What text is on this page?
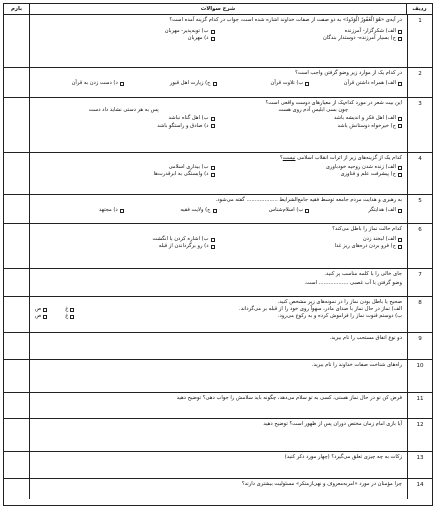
ردیف
شرح سوالات
بارم
1
در آیه‌ی «هُوَ الْغَفُورُ الْوَدُودُ» به دو صفت از صفات خداوند اشاره شده است، جواب در کدام گزینه آمده است؟
الف) شکرگزار- آمرزنده
ب) توبه‌پذیر- مهربان
ج) بسیار آمرزنده- دوستدار بندگان
د) مهربان
2
در کدام یک از موارد زیر وضو گرفتن واجب است؟
الف) همراه داشتن قرآن
ب) تلاوت قرآن
ج) زیارت اهل قبور
د) دست زدن به قرآن
3
این بیت شعر در مورد کدام‌یک از معیارهای دوست واقعی است؟
چون بسی ابلیس آدم روی هست
پس به هر دستی نشاید داد دست
الف) اهل فکر و اندیشه باشد
ب) اهل گناه نباشد
ج) خیرخواه دوستانش باشد
د) صادق و راستگو باشد
4
کدام یک از گزینه‌های زیر از اثرات انقلاب اسلامی نیست؟
الف) زنده شدن روحیه خودباوری
ب) بیداری اسلامی
ج) پیشرفت علم و فناوری
د) وابستگی به ابرقدرت‌ها
5
به رهبری و هدایت مردم جامعه توسط فقیه جامع‌الشرایط ................... گفته می‌شود.
الف) هدایتگر
ب) اسلام‌شناس
ج) ولایت فقیه
د) مجتهد
6
کدام حالت نماز را باطل می‌کند؟
الف) لبخند زدن
ب) اشاره کردن با انگشت
ج) فرو بردن ذره‌های ریز غذا
د) رو برگرداندن از قبله
7
جای خالی را با کلمه مناسب پر کنید.
وضو گرفتن با آب غصبی .................. است.
8
صحیح یا باطل بودن نماز را در نمونه‌های زیر مشخص کنید.
الف) نماز در حال نماز با صدای مادر، سهواً روی خود را از قبله بر می‌گرداند.
ص	غ
ب) دوستم قنوت نماز را فراموش کرده و به رکوع می‌رود.
ص	غ
9
دو نوع اتفاق مستحب را نام ببرید.
10
راه‌های شناخت صفات خداوند را نام ببرید.
11
فرض کن تو در حال نماز هستی، کسی به تو سلام می‌دهد، چگونه باید سلامش را جواب دهی؟ توضیح دهید
12
آیا بازی امام زمان مختص دوران پس از ظهور است؟ توضیح دهید
13
زکات به چه چیزی تعلق می‌گیرد؟ (چهار مورد ذکر کنید)
14
چرا مؤمنان در مورد «امربه‌معروف و نهی‌ازمنکر» مسئولیت بیشتری دارند؟
